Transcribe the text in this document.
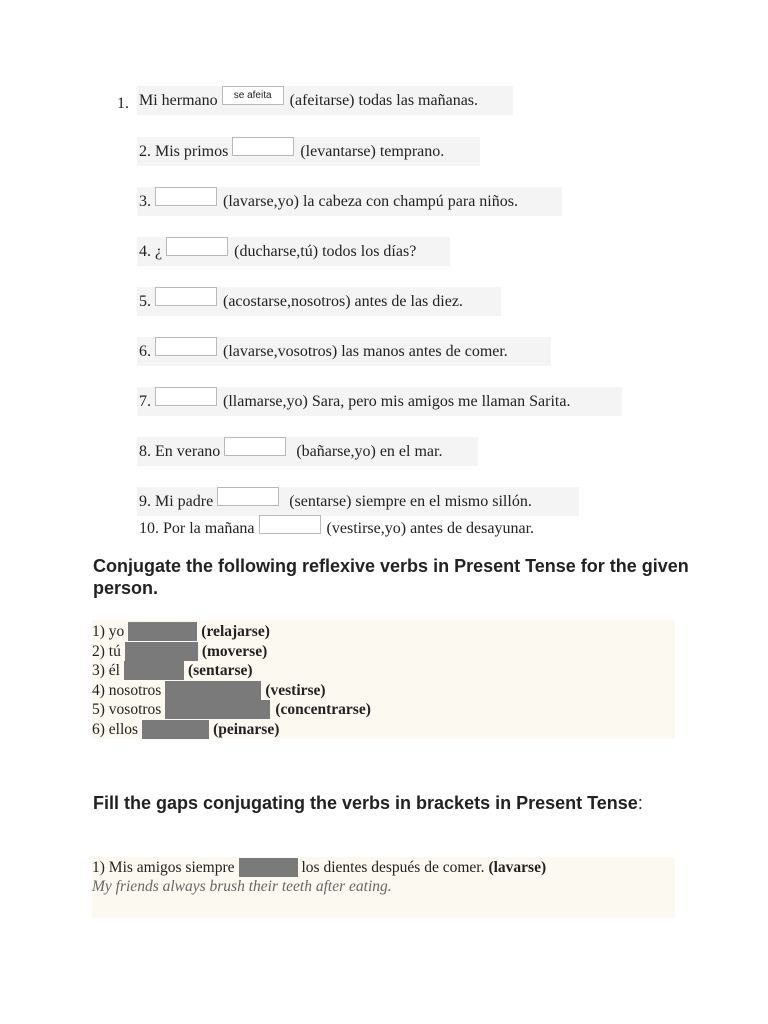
1. Mi hermano	se afeita	(afeitarse) todas las mañanas.
2. Mis primos	(levantarse) temprano.
3.	(lavarse,yo) la cabeza con champú para niños.
4. ¿	(ducharse,tú) todos los días?
5.	(acostarse,nosotros) antes de las diez.
6.	(lavarse,vosotros) las manos antes de comer.
7.	(llamarse,yo) Sara, pero mis amigos me llaman Sarita.
8. En verano	(bañarse,yo) en el mar.
9. Mi padre	(sentarse) siempre en el mismo sillón.
10. Por la mañana	(vestirse,yo) antes de desayunar.
Conjugate the following reflexive verbs in Present Tense for the given person.
1) yo	(relajarse)
2) tú	(moverse)
3) él	(sentarse)
4) nosotros	(vestirse)
5) vosotros	(concentrarse)
6) ellos	(peinarse)
Fill the gaps conjugating the verbs in brackets in Present Tense:
1) Mis amigos siempre	los dientes después de comer. (lavarse)
My friends always brush their teeth after eating.
